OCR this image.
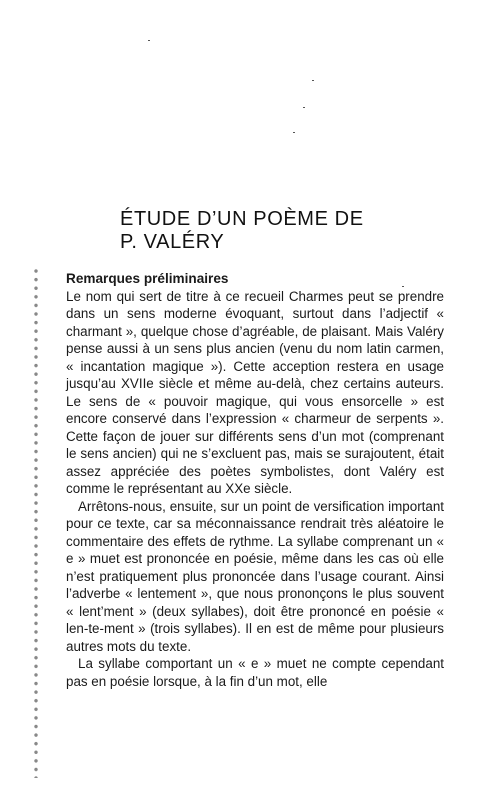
ÉTUDE D’UN POÈME DE
P. VALÉRY
Remarques préliminaires

Le nom qui sert de titre à ce recueil Charmes peut se prendre dans un sens moderne évoquant, surtout dans l’adjectif « charmant », quelque chose d’agréable, de plaisant. Mais Valéry pense aussi à un sens plus ancien (venu du nom latin carmen, « incantation magique »). Cette acception restera en usage jusqu’au XVIIe siècle et même au-delà, chez certains auteurs. Le sens de « pouvoir magique, qui vous ensorcelle » est encore conservé dans l’expression « charmeur de serpents ». Cette façon de jouer sur différents sens d’un mot (comprenant le sens ancien) qui ne s’excluent pas, mais se surajoutent, était assez appréciée des poètes symbolistes, dont Valéry est comme le représentant au XXe siècle.

Arrêtons-nous, ensuite, sur un point de versification important pour ce texte, car sa méconnaissance rendrait très aléatoire le commentaire des effets de rythme. La syllabe comprenant un « e » muet est prononcée en poésie, même dans les cas où elle n’est pratiquement plus prononcée dans l’usage courant. Ainsi l’adverbe « lentement », que nous prononçons le plus souvent « lent’ment » (deux syllabes), doit être prononcé en poésie « len-te-ment » (trois syllabes). Il en est de même pour plusieurs autres mots du texte.

La syllabe comportant un « e » muet ne compte cependant pas en poésie lorsque, à la fin d’un mot, elle
